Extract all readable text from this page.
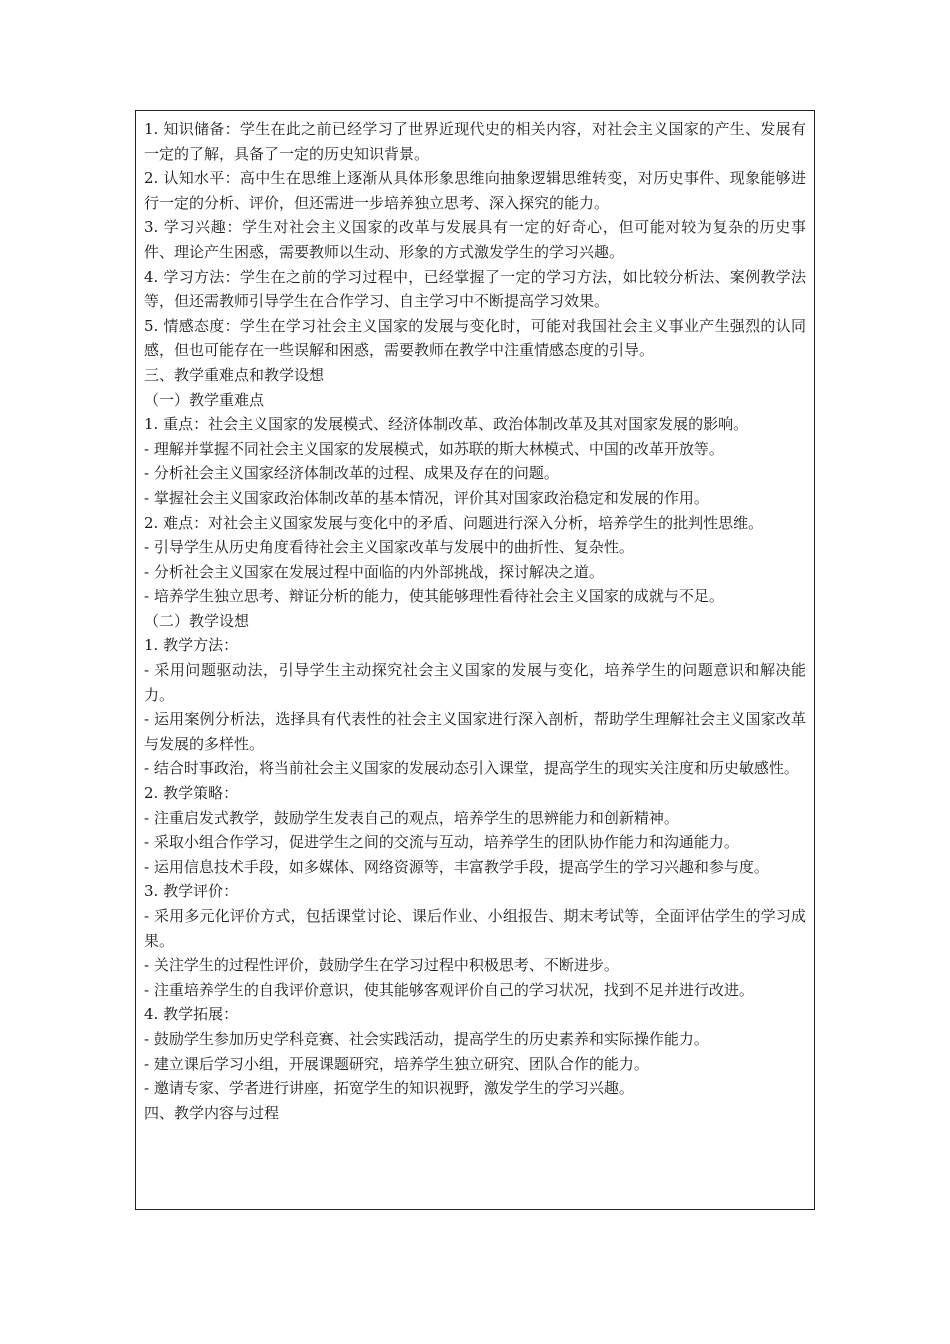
1. 知识储备：学生在此之前已经学习了世界近现代史的相关内容，对社会主义国家的产生、发展有一定的了解，具备了一定的历史知识背景。

2. 认知水平：高中生在思维上逐渐从具体形象思维向抽象逻辑思维转变，对历史事件、现象能够进行一定的分析、评价，但还需进一步培养独立思考、深入探究的能力。

3. 学习兴趣：学生对社会主义国家的改革与发展具有一定的好奇心，但可能对较为复杂的历史事件、理论产生困惑，需要教师以生动、形象的方式激发学生的学习兴趣。

4. 学习方法：学生在之前的学习过程中，已经掌握了一定的学习方法，如比较分析法、案例教学法等，但还需教师引导学生在合作学习、自主学习中不断提高学习效果。

5. 情感态度：学生在学习社会主义国家的发展与变化时，可能对我国社会主义事业产生强烈的认同感，但也可能存在一些误解和困惑，需要教师在教学中注重情感态度的引导。

三、教学重难点和教学设想

（一）教学重难点

1. 重点：社会主义国家的发展模式、经济体制改革、政治体制改革及其对国家发展的影响。

- 理解并掌握不同社会主义国家的发展模式，如苏联的斯大林模式、中国的改革开放等。

- 分析社会主义国家经济体制改革的过程、成果及存在的问题。

- 掌握社会主义国家政治体制改革的基本情况，评价其对国家政治稳定和发展的作用。

2. 难点：对社会主义国家发展与变化中的矛盾、问题进行深入分析，培养学生的批判性思维。

- 引导学生从历史角度看待社会主义国家改革与发展中的曲折性、复杂性。

- 分析社会主义国家在发展过程中面临的内外部挑战，探讨解决之道。

- 培养学生独立思考、辩证分析的能力，使其能够理性看待社会主义国家的成就与不足。

（二）教学设想

1. 教学方法：

- 采用问题驱动法，引导学生主动探究社会主义国家的发展与变化，培养学生的问题意识和解决能力。

- 运用案例分析法，选择具有代表性的社会主义国家进行深入剖析，帮助学生理解社会主义国家改革与发展的多样性。

- 结合时事政治，将当前社会主义国家的发展动态引入课堂，提高学生的现实关注度和历史敏感性。

2. 教学策略：

- 注重启发式教学，鼓励学生发表自己的观点，培养学生的思辨能力和创新精神。

- 采取小组合作学习，促进学生之间的交流与互动，培养学生的团队协作能力和沟通能力。

- 运用信息技术手段，如多媒体、网络资源等，丰富教学手段，提高学生的学习兴趣和参与度。

3. 教学评价：

- 采用多元化评价方式，包括课堂讨论、课后作业、小组报告、期末考试等，全面评估学生的学习成果。

- 关注学生的过程性评价，鼓励学生在学习过程中积极思考、不断进步。

- 注重培养学生的自我评价意识，使其能够客观评价自己的学习状况，找到不足并进行改进。

4. 教学拓展：

- 鼓励学生参加历史学科竞赛、社会实践活动，提高学生的历史素养和实际操作能力。

- 建立课后学习小组，开展课题研究，培养学生独立研究、团队合作的能力。

- 邀请专家、学者进行讲座，拓宽学生的知识视野，激发学生的学习兴趣。

四、教学内容与过程
